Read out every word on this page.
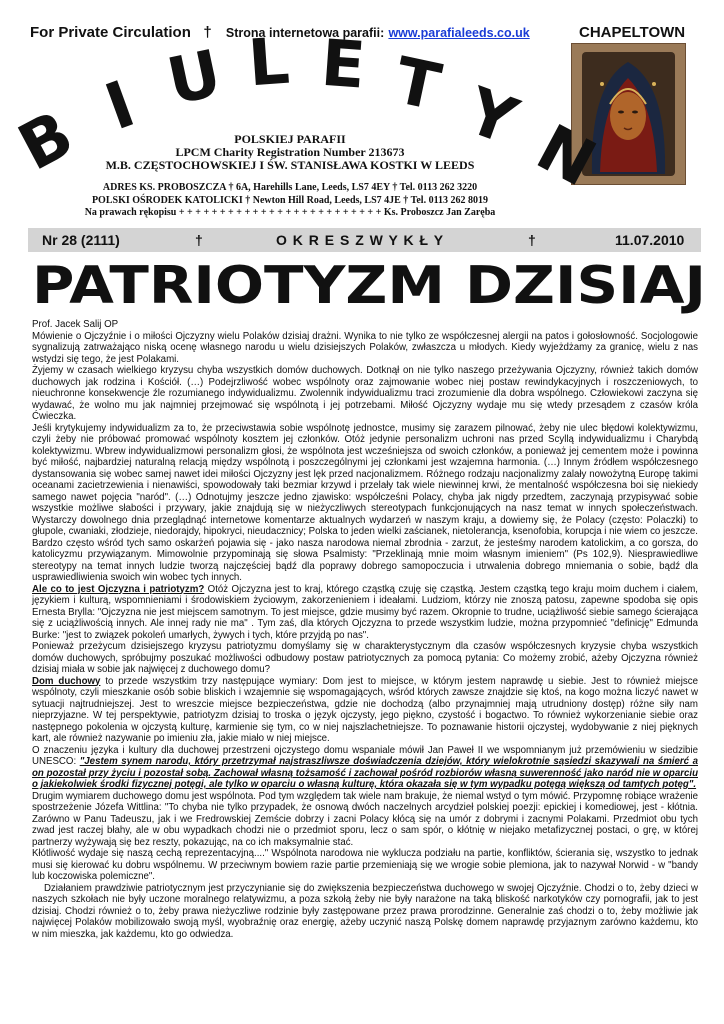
For Private Circulation † Strona internetowa parafii: www.parafialeeds.co.uk	CHAPELTOWN
B I U L E T Y
N
POLSKIEJ PARAFII
LPCM Charity Registration Number 213673
M.B. CZĘSTOCHOWSKIEJ I ŚW. STANISŁAWA KOSTKI W LEEDS
ADRES KS. PROBOSZCZA † 6A, Harehills Lane, Leeds, LS7 4EY † Tel. 0113 262 3220
POLSKI OŚRODEK KATOLICKI † Newton Hill Road, Leeds, LS7 4JE † Tel. 0113 262 8019
Na prawach rękopisu + + + + + + + + + + + + + + + + + + + + + + + + + Ks. Proboszcz Jan Zaręba
Nr 28 (2111)	†	O K R E S Z W Y K Ł Y	†	11.07.2010
PATRIOTYZM DZISIAJ

Prof. Jacek Salij OP

Mówienie o Ojczyźnie i o miłości Ojczyzny wielu Polaków dzisiaj drażni. Wynika to nie tylko ze współczesnej alergii na patos i gołosłowność. Socjologowie sygnalizują zatrważająco niską ocenę własnego narodu u wielu dzisiejszych Polaków, zwłaszcza u młodych. Kiedy wyjeżdżamy za granicę, wielu z nas wstydzi się tego, że jest Polakami.

Żyjemy w czasach wielkiego kryzysu chyba wszystkich domów duchowych. Dotknął on nie tylko naszego przeżywania Ojczyzny, również takich domów duchowych jak rodzina i Kościół. (…) Podejrzliwość wobec wspólnoty oraz zajmowanie wobec niej postaw rewindykacyjnych i roszczeniowych, to nieuchronne konsekwencje źle rozumianego indywidualizmu. Zwolennik indywidualizmu traci zrozumienie dla dobra wspólnego. Człowiekowi zaczyna się wydawać, że wolno mu jak najmniej przejmować się wspólnotą i jej potrzebami. Miłość Ojczyzny wydaje mu się wtedy przesądem z czasów króla Ćwieczka.

Jeśli krytykujemy indywidualizm za to, że przeciwstawia sobie wspólnotę jednostce, musimy się zarazem pilnować, żeby nie ulec błędowi kolektywizmu, czyli żeby nie próbować promować wspólnoty kosztem jej członków. Otóż jedynie personalizm uchroni nas przed Scyllą indywidualizmu i Charybdą kolektywizmu. Wbrew indywidualizmowi personalizm głosi, że wspólnota jest wcześniejsza od swoich członków, a ponieważ jej cementem może i powinna być miłość, najbardziej naturalną relacją między wspólnotą i poszczególnymi jej członkami jest wzajemna harmonia. (…) Innym źródłem współczesnego dystansowania się wobec samej nawet idei miłości Ojczyzny jest lęk przed nacjonalizmem. Różnego rodzaju nacjonalizmy zalały nowożytną Europę takimi oceanami zacietrzewienia i nienawiści, spowodowały taki bezmiar krzywd i przelały tak wiele niewinnej krwi, że mentalność współczesna boi się niekiedy samego nawet pojęcia "naród". (…) Odnotujmy jeszcze jedno zjawisko: współcześni Polacy, chyba jak nigdy przedtem, zaczynają przypisywać sobie wszystkie możliwe słabości i przywary, jakie znajdują się w nieżyczliwych stereotypach funkcjonujących na nasz temat w innych społeczeństwach. Wystarczy dowolnego dnia przeglądnąć internetowe komentarze aktualnych wydarzeń w naszym kraju, a dowiemy się, że Polacy (często: Polaczki) to głupole, cwaniaki, złodzieje, niedorajdy, hipokryci, nieudacznicy; Polska to jeden wielki zaścianek, nietolerancja, ksenofobia, korupcja i nie wiem co jeszcze. Bardzo często wśród tych samo oskarżeń pojawia się - jako nasza narodowa niemal zbrodnia - zarzut, że jesteśmy narodem katolickim, a co gorsza, do katolicyzmu przywiązanym. Mimowolnie przypominają się słowa Psalmisty: "Przeklinają mnie moim własnym imieniem" (Ps 102,9). Niesprawiedliwe stereotypy na temat innych ludzie tworzą najczęściej bądź dla poprawy dobrego samopoczucia i utrwalenia dobrego mniemania o sobie, bądź dla usprawiedliwienia swoich win wobec tych innych.

Ale co to jest Ojczyzna i patriotyzm? Otóż Ojczyzna jest to kraj, którego cząstką czuję się cząstką. Jestem cząstką tego kraju moim duchem i ciałem, językiem i kulturą, wspomnieniami i środowiskiem życiowym, zakorzenieniem i ideałami. Ludziom, którzy nie znoszą patosu, zapewne spodoba się opis Ernesta Brylla: "Ojczyzna nie jest miejscem samotnym. To jest miejsce, gdzie musimy być razem. Okropnie to trudne, uciążliwość siebie samego ścierająca się z uciążliwością innych. Ale innej rady nie ma" . Tym zaś, dla których Ojczyzna to przede wszystkim ludzie, można przypomnieć "definicję" Edmunda Burke: "jest to związek pokoleń umarłych, żywych i tych, które przyjdą po nas".

Ponieważ przeżycum dzisiejszego kryzysu patriotyzmu domyślamy się w charakterystycznym dla czasów współczesnych kryzysie chyba wszystkich domów duchowych, spróbujmy poszukać możliwości odbudowy postaw patriotycznych za pomocą pytania: Co możemy zrobić, ażeby Ojczyzna również dzisiaj miała w sobie jak najwięcej z duchowego domu?

Dom duchowy to przede wszystkim trzy następujące wymiary: Dom jest to miejsce, w którym jestem naprawdę u siebie. Jest to również miejsce wspólnoty, czyli mieszkanie osób sobie bliskich i wzajemnie się wspomagających, wśród których zawsze znajdzie się ktoś, na kogo można liczyć nawet w sytuacji najtrudniejszej. Jest to wreszcie miejsce bezpieczeństwa, gdzie nie dochodzą (albo przynajmniej mają utrudniony dostęp) różne siły nam nieprzyjazne. W tej perspektywie, patriotyzm dzisiaj to troska o język ojczysty, jego piękno, czystość i bogactwo. To również wykorzenianie siebie oraz następnego pokolenia w ojczystą kulturę, karmienie się tym, co w niej najszlachetniejsze. To poznawanie historii ojczystej, wydobywanie z niej pięknych kart, ale również nazywanie po imieniu zła, jakie miało w niej miejsce.

O znaczeniu języka i kultury dla duchowej przestrzeni ojczystego domu wspaniale mówił Jan Paweł II we wspomnianym już przemówieniu w siedzibie UNESCO: "Jestem synem narodu, który przetrzymał najstraszliwsze doświadczenia dziejów, który wielokrotnie sąsiedzi skazywali na śmierć a on pozostał przy życiu i pozostał sobą. Zachował własną tożsamość i zachował pośród rozbiorów własną suwerenność jako naród nie w oparciu o jakiekolwiek środki fizycznej potęgi, ale tylko w oparciu o własną kulturę, która okazała się w tym wypadku potęgą większą od tamtych potęg".

Drugim wymiarem duchowego domu jest wspólnota. Pod tym względem tak wiele nam brakuje, że niemal wstyd o tym mówić. Przypomnę robiące wrażenie spostrzeżenie Józefa Wittlina: "To chyba nie tylko przypadek, że osnową dwóch naczelnych arcydzieł polskiej poezji: epickiej i komediowej, jest - kłótnia. Zarówno w Panu Tadeuszu, jak i we Fredrowskiej Zemście dobrzy i zacni Polacy kłócą się na umór z dobrymi i zacnymi Polakami. Przedmiot obu tych zwad jest raczej błahy, ale w obu wypadkach chodzi nie o przedmiot sporu, lecz o sam spór, o kłótnię w niejako metafizycznej postaci, o grę, w której partnerzy wyżywają się bez reszty, pokazując, na co ich maksymalnie stać.

Kłótliwość wydaje się naszą cechą reprezentacyjną...." Wspólnota narodowa nie wyklucza podziału na partie, konfliktów, ścierania się, wszystko to jednak musi się kierować ku dobru wspólnemu. W przeciwnym bowiem razie partie przemieniają się we wrogie sobie plemiona, jak to nazywał Norwid - w "bandy lub koczowiska polemiczne".

Działaniem prawdziwie patriotycznym jest przyczynianie się do zwiększenia bezpieczeństwa duchowego w swojej Ojczyźnie. Chodzi o to, żeby dzieci w naszych szkołach nie były uczone moralnego relatywizmu, a poza szkołą żeby nie były narażone na taką bliskość narkotyków czy pornografii, jak to jest dzisiaj. Chodzi również o to, żeby prawa nieżyczliwe rodzinie były zastępowane przez prawa prorodzinne. Generalnie zaś chodzi o to, żeby możliwie jak najwięcej Polaków mobilizowało swoją myśl, wyobraźnię oraz energię, ażeby uczynić naszą Polskę domem naprawdę przyjaznym zarówno każdemu, kto w nim mieszka, jak każdemu, kto go odwiedza.
